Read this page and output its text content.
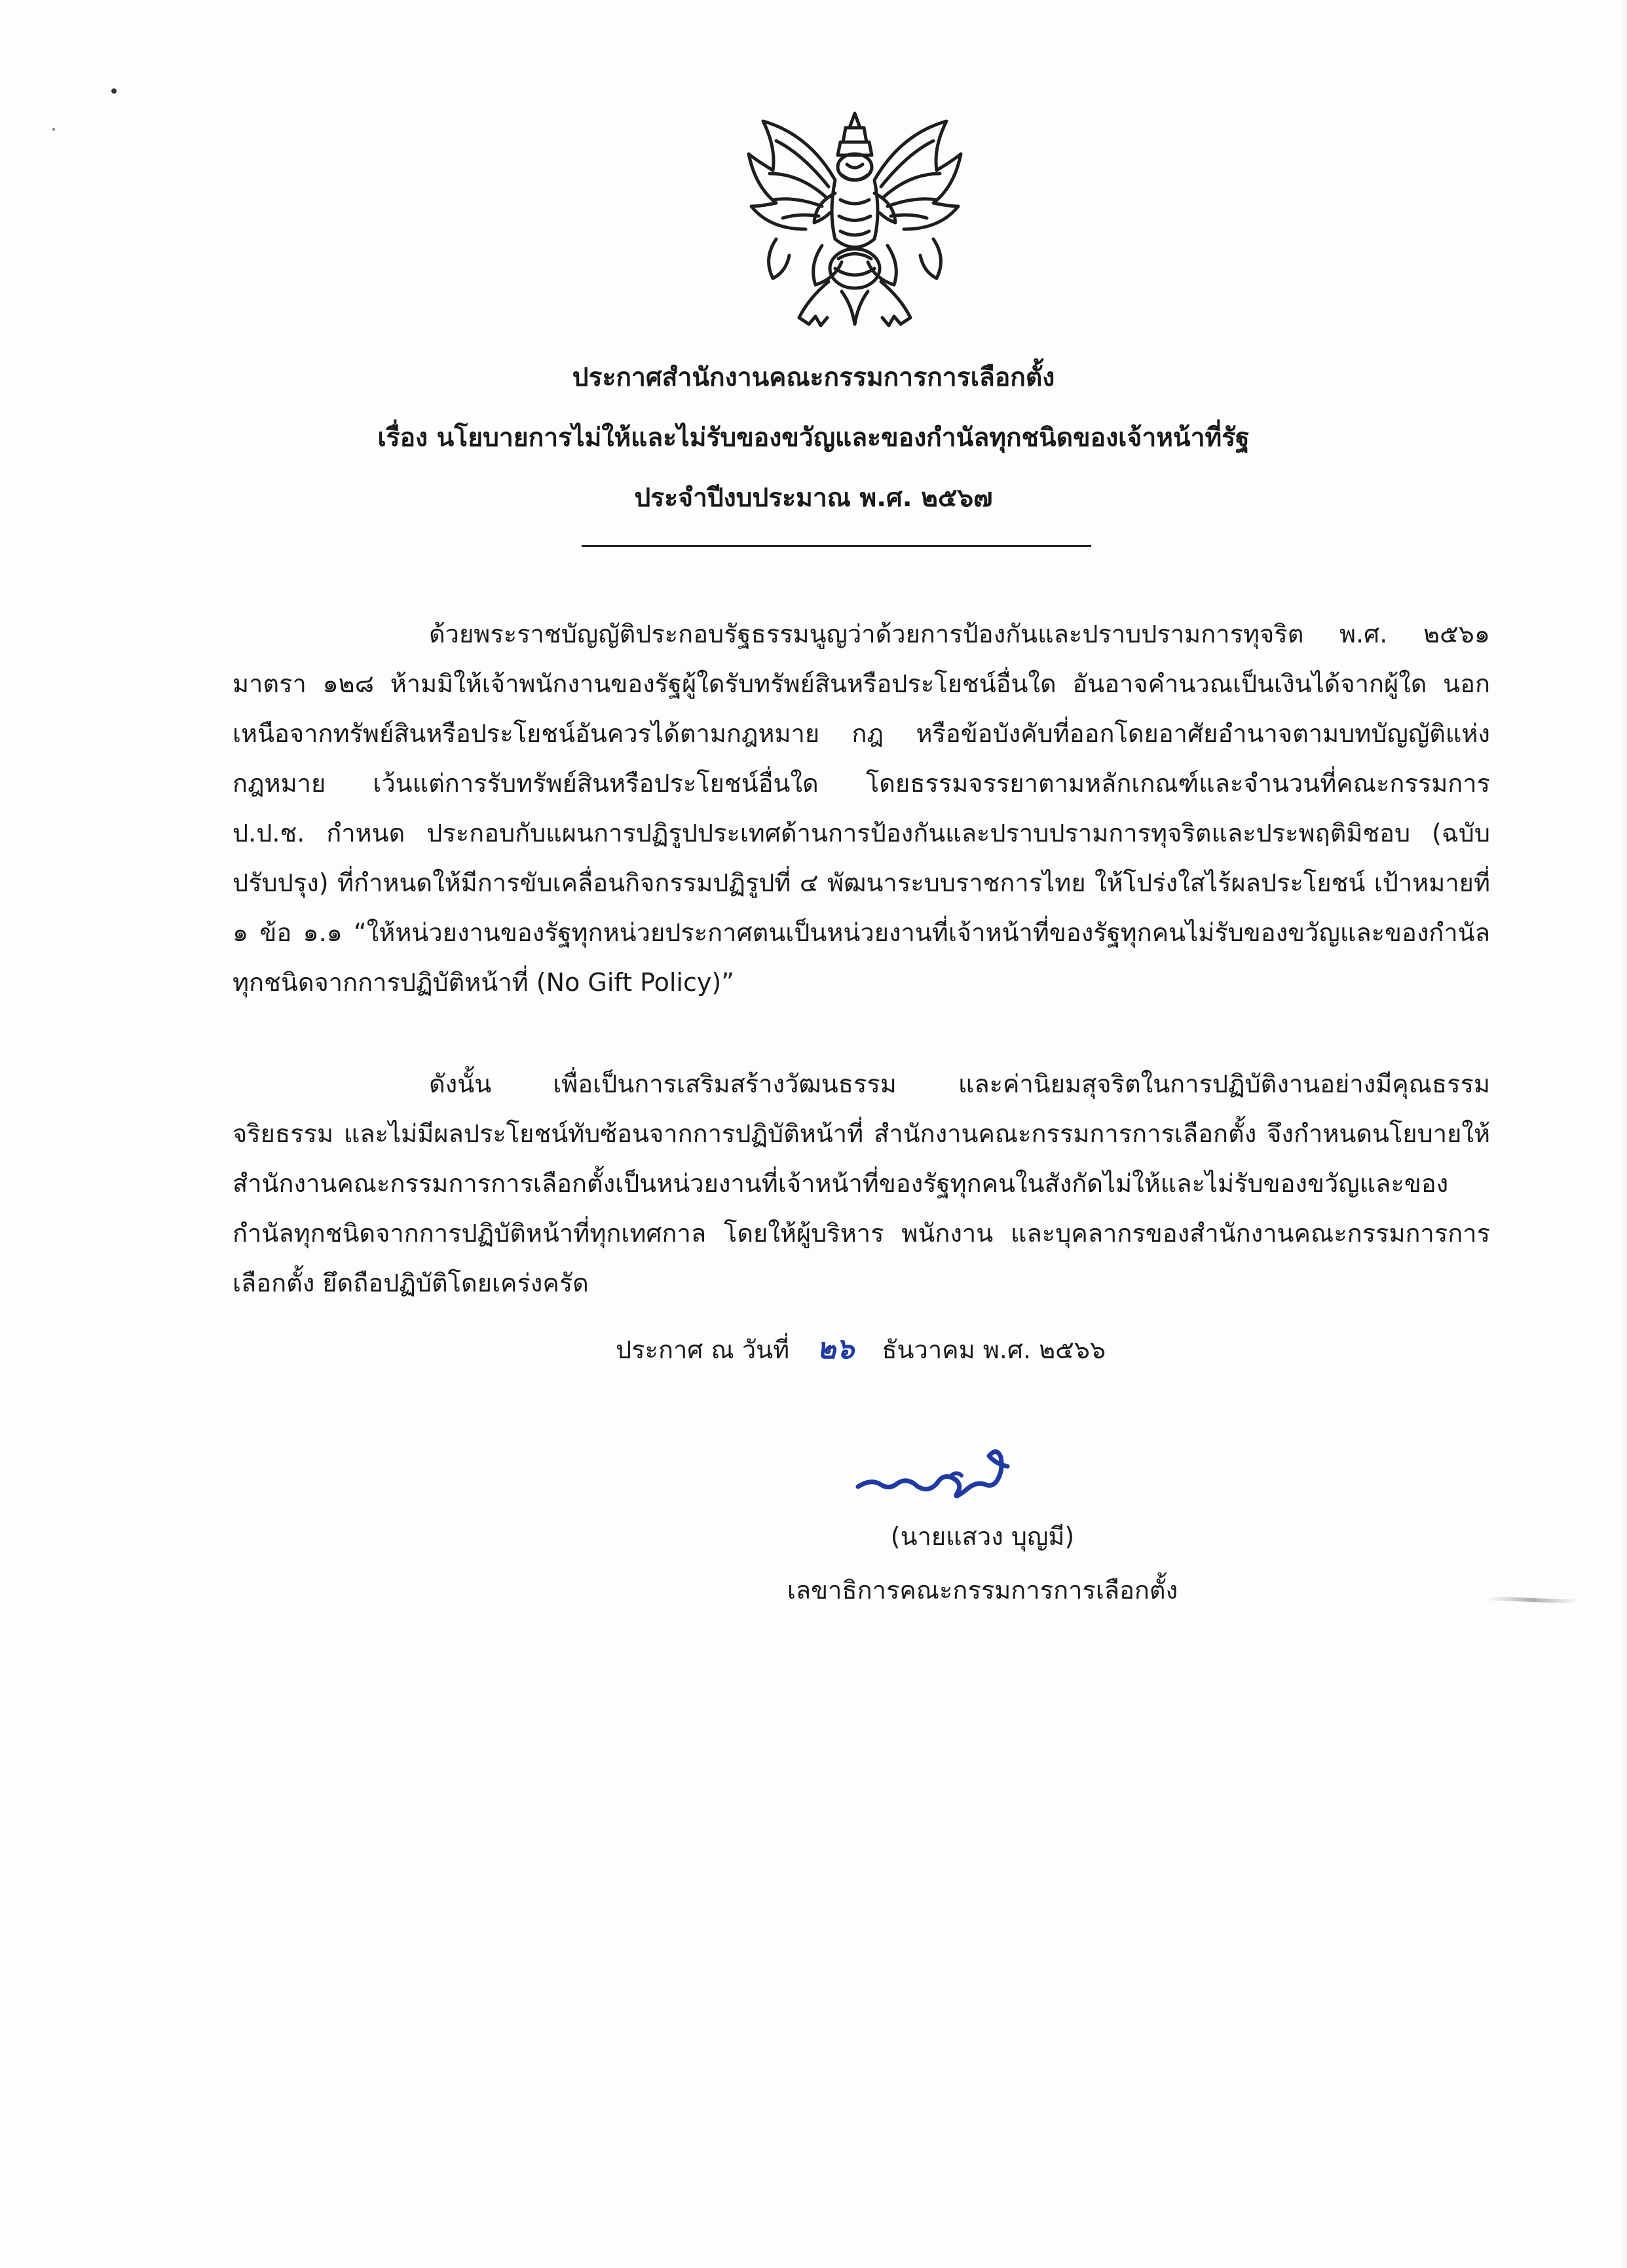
ประกาศสำนักงานคณะกรรมการการเลือกตั้ง
เรื่อง นโยบายการไม่ให้และไม่รับของขวัญและของกำนัลทุกชนิดของเจ้าหน้าที่รัฐ
ประจำปีงบประมาณ พ.ศ. ๒๕๖๗

ด้วยพระราชบัญญัติประกอบรัฐธรรมนูญว่าด้วยการป้องกันและปราบปรามการทุจริต พ.ศ. ๒๕๖๑ มาตรา ๑๒๘ ห้ามมิให้เจ้าพนักงานของรัฐผู้ใดรับทรัพย์สินหรือประโยชน์อื่นใด อันอาจคำนวณเป็นเงินได้จากผู้ใด นอกเหนือจากทรัพย์สินหรือประโยชน์อันควรได้ตามกฎหมาย กฎ หรือข้อบังคับที่ออกโดยอาศัยอำนาจตามบทบัญญัติแห่งกฎหมาย เว้นแต่การรับทรัพย์สินหรือประโยชน์อื่นใด โดยธรรมจรรยาตามหลักเกณฑ์และจำนวนที่คณะกรรมการ ป.ป.ช. กำหนด ประกอบกับแผนการปฏิรูปประเทศด้านการป้องกันและปราบปรามการทุจริตและประพฤติมิชอบ (ฉบับปรับปรุง) ที่กำหนดให้มีการขับเคลื่อนกิจกรรมปฏิรูปที่ ๔ พัฒนาระบบราชการไทย ให้โปร่งใสไร้ผลประโยชน์ เป้าหมายที่ ๑ ข้อ ๑.๑ “ให้หน่วยงานของรัฐทุกหน่วยประกาศตนเป็นหน่วยงานที่เจ้าหน้าที่ของรัฐทุกคนไม่รับของขวัญและของกำนัลทุกชนิดจากการปฏิบัติหน้าที่ (No Gift Policy)”

ดังนั้น เพื่อเป็นการเสริมสร้างวัฒนธรรม และค่านิยมสุจริตในการปฏิบัติงานอย่างมีคุณธรรม จริยธรรม และไม่มีผลประโยชน์ทับซ้อนจากการปฏิบัติหน้าที่ สำนักงานคณะกรรมการการเลือกตั้ง จึงกำหนดนโยบายให้สำนักงานคณะกรรมการการเลือกตั้งเป็นหน่วยงานที่เจ้าหน้าที่ของรัฐทุกคนในสังกัดไม่ให้และไม่รับของขวัญและของกำนัลทุกชนิดจากการปฏิบัติหน้าที่ทุกเทศกาล โดยให้ผู้บริหาร พนักงาน และบุคลากรของสำนักงานคณะกรรมการการเลือกตั้ง ยึดถือปฏิบัติโดยเคร่งครัด

ประกาศ ณ วันที่ ๒๖ ธันวาคม พ.ศ. ๒๕๖๖
(นายแสวง บุญมี)
เลขาธิการคณะกรรมการการเลือกตั้ง
